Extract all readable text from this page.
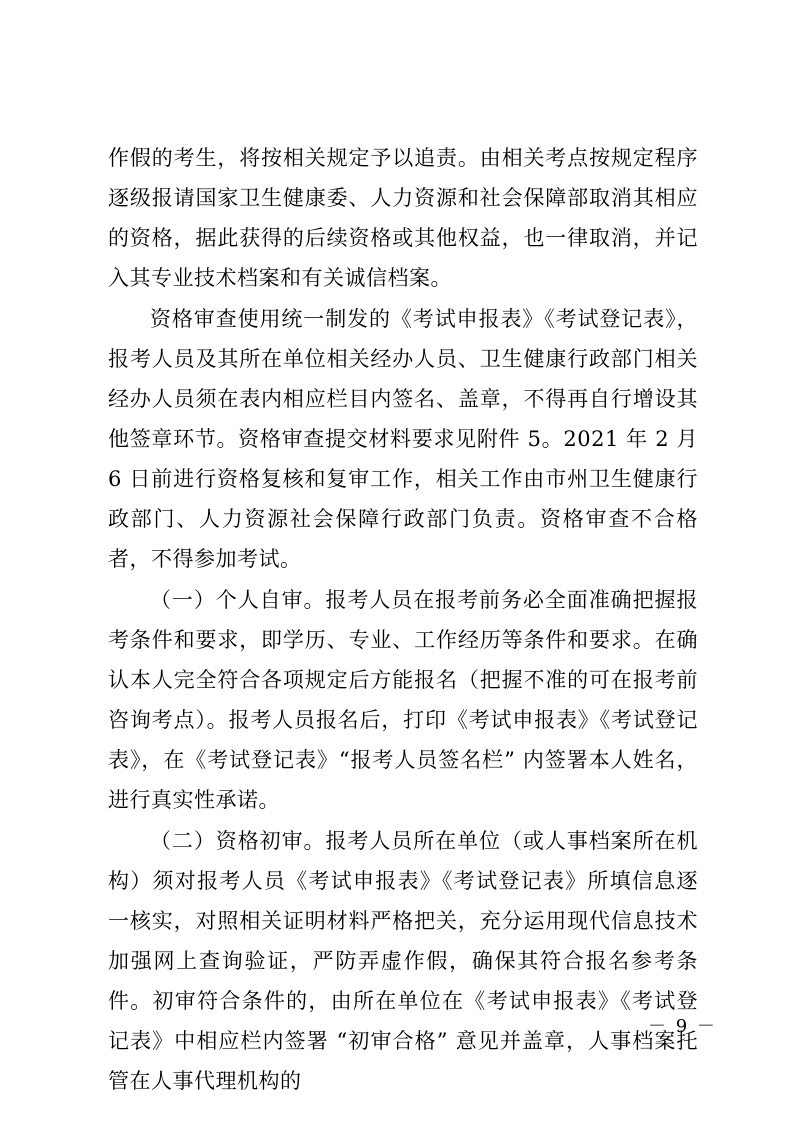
作假的考生，将按相关规定予以追责。由相关考点按规定程序逐级报请国家卫生健康委、人力资源和社会保障部取消其相应的资格，据此获得的后续资格或其他权益，也一律取消，并记入其专业技术档案和有关诚信档案。

资格审查使用统一制发的《考试申报表》《考试登记表》，报考人员及其所在单位相关经办人员、卫生健康行政部门相关经办人员须在表内相应栏目内签名、盖章，不得再自行增设其他签章环节。资格审查提交材料要求见附件 5。2021 年 2 月 6 日前进行资格复核和复审工作，相关工作由市州卫生健康行政部门、人力资源社会保障行政部门负责。资格审查不合格者，不得参加考试。

（一）个人自审。报考人员在报考前务必全面准确把握报考条件和要求，即学历、专业、工作经历等条件和要求。在确认本人完全符合各项规定后方能报名（把握不准的可在报考前咨询考点）。报考人员报名后，打印《考试申报表》《考试登记表》，在《考试登记表》“报考人员签名栏” 内签署本人姓名，进行真实性承诺。

（二）资格初审。报考人员所在单位（或人事档案所在机构）须对报考人员《考试申报表》《考试登记表》所填信息逐一核实，对照相关证明材料严格把关，充分运用现代信息技术加强网上查询验证，严防弄虚作假，确保其符合报名参考条件。初审符合条件的，由所在单位在《考试申报表》《考试登记表》中相应栏内签署 “初审合格” 意见并盖章，人事档案托管在人事代理机构的

－ 9 －
